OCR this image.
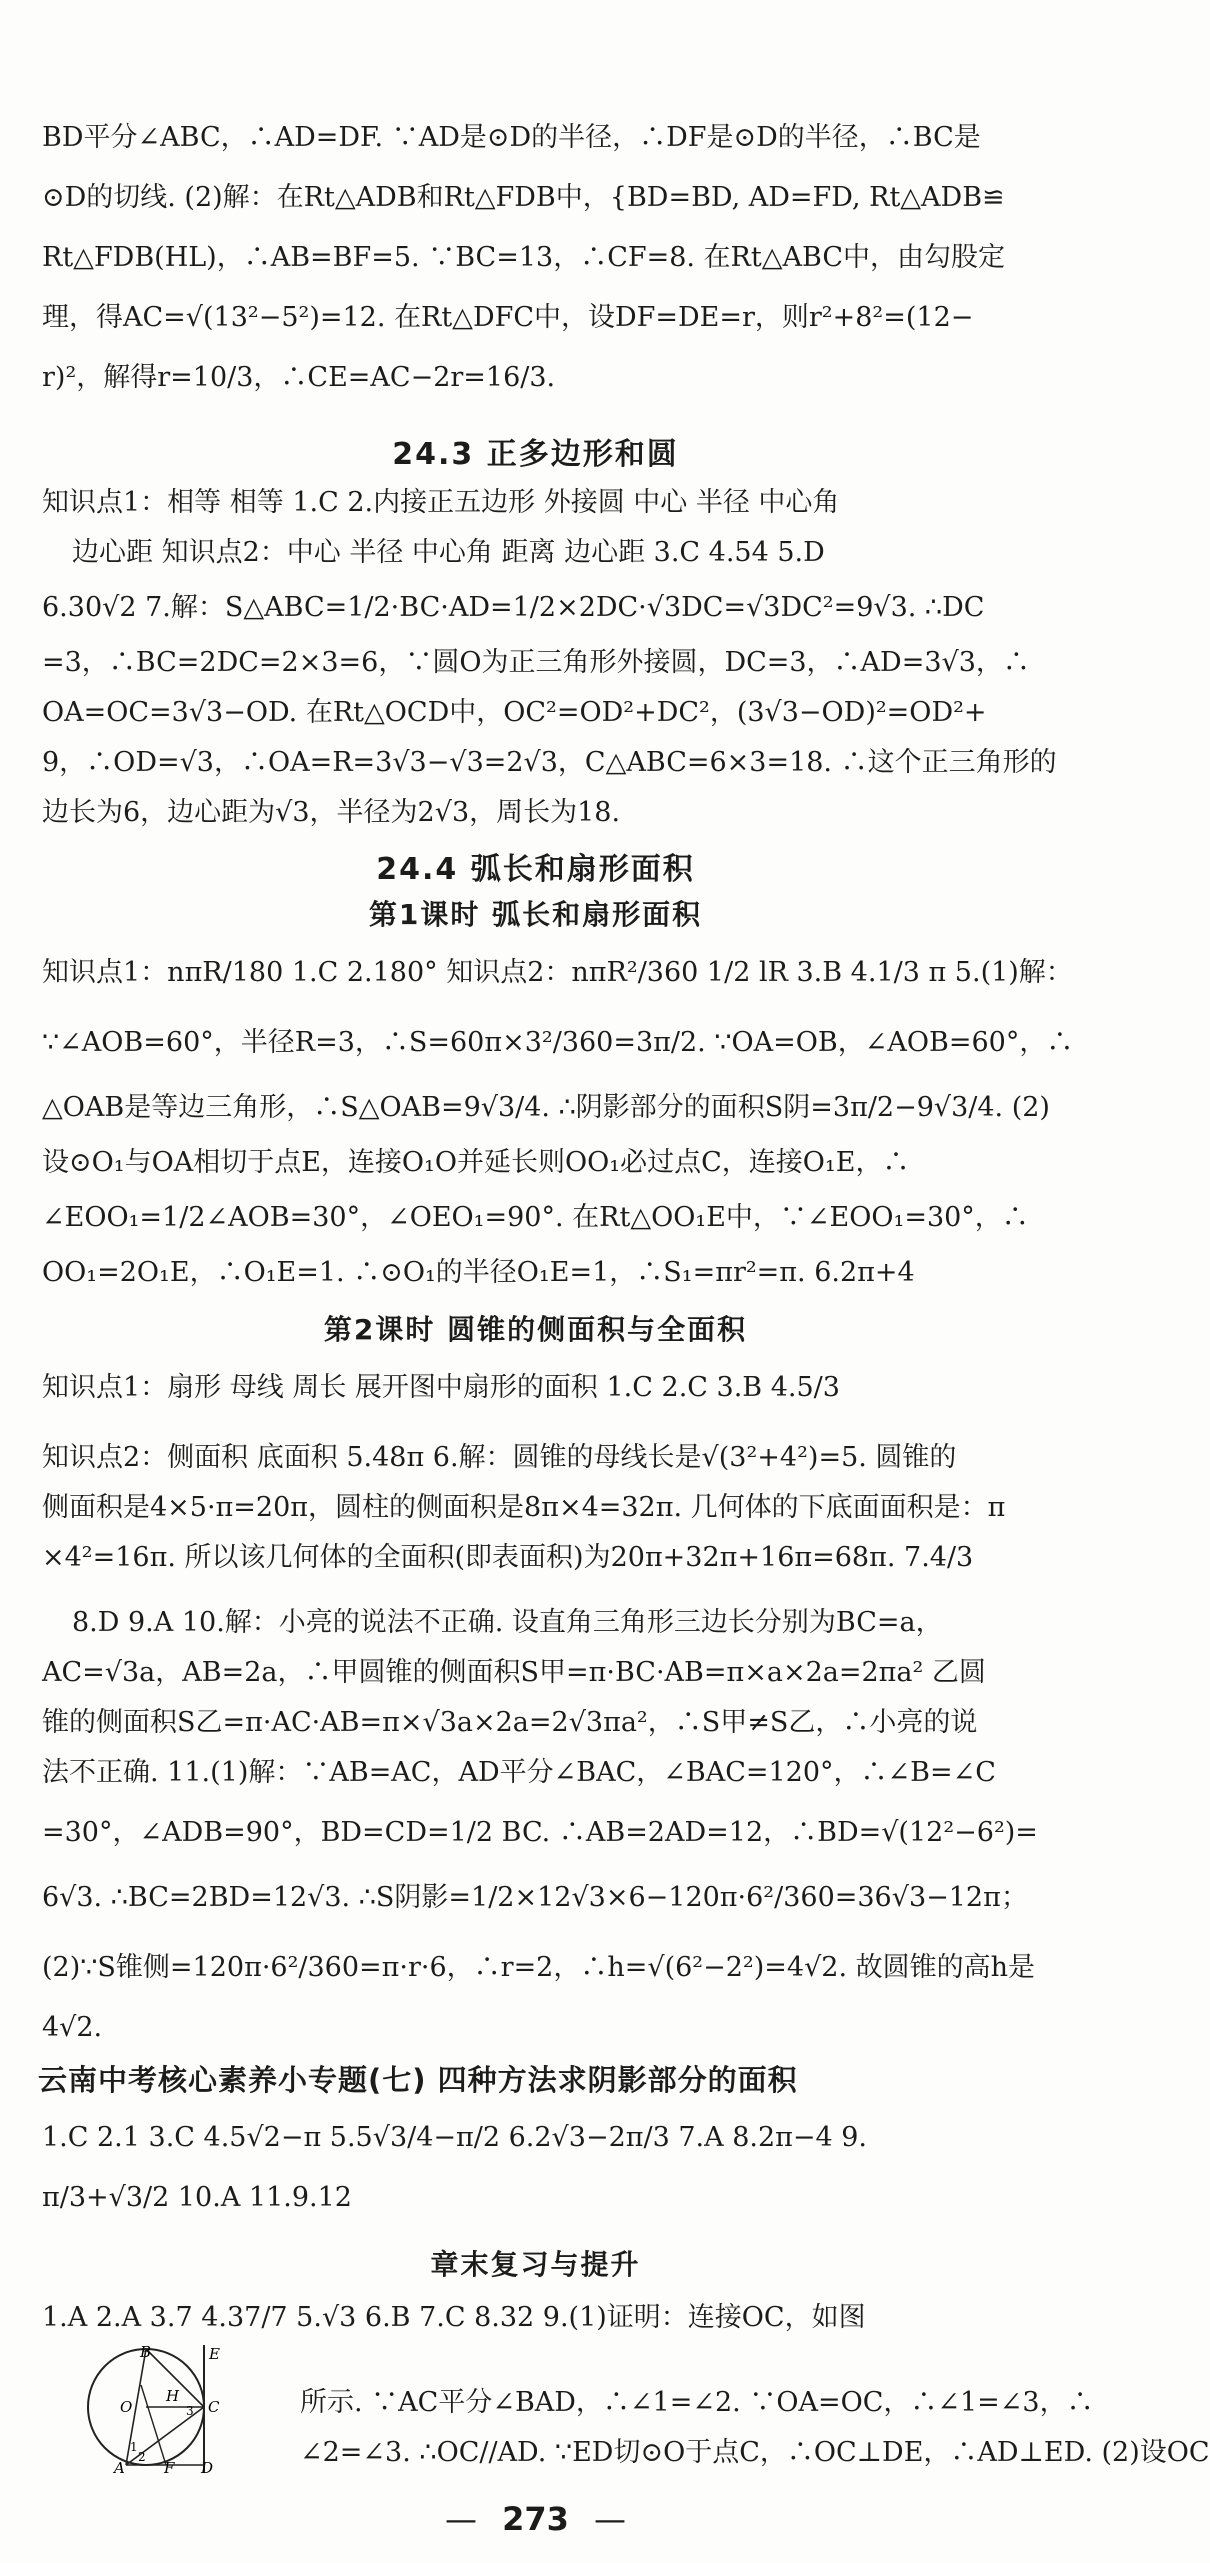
BD平分∠ABC，∴AD=DF. ∵AD是⊙D的半径，∴DF是⊙D的半径，∴BC是
⊙D的切线. (2)解：在Rt△ADB和Rt△FDB中，{BD=BD, AD=FD, Rt△ADB≌
Rt△FDB(HL)，∴AB=BF=5. ∵BC=13，∴CF=8. 在Rt△ABC中，由勾股定
理，得AC=√(13²−5²)=12. 在Rt△DFC中，设DF=DE=r，则r²+8²=(12−
r)²，解得r=10/3，∴CE=AC−2r=16/3.
24.3 正多边形和圆
知识点1：相等 相等 1.C 2.内接正五边形 外接圆 中心 半径 中心角
边心距 知识点2：中心 半径 中心角 距离 边心距 3.C 4.54 5.D
6.30√2 7.解：S△ABC=1/2·BC·AD=1/2×2DC·√3DC=√3DC²=9√3. ∴DC
=3，∴BC=2DC=2×3=6，∵圆O为正三角形外接圆，DC=3，∴AD=3√3，∴
OA=OC=3√3−OD. 在Rt△OCD中，OC²=OD²+DC²，(3√3−OD)²=OD²+
9，∴OD=√3，∴OA=R=3√3−√3=2√3，C△ABC=6×3=18. ∴这个正三角形的
边长为6，边心距为√3，半径为2√3，周长为18.
24.4 弧长和扇形面积
第1课时 弧长和扇形面积
知识点1：nπR/180 1.C 2.180° 知识点2：nπR²/360 1/2 lR 3.B 4.1/3 π 5.(1)解：
∵∠AOB=60°，半径R=3，∴S=60π×3²/360=3π/2. ∵OA=OB，∠AOB=60°，∴
△OAB是等边三角形，∴S△OAB=9√3/4. ∴阴影部分的面积S阴=3π/2−9√3/4. (2)
设⊙O₁与OA相切于点E，连接O₁O并延长则OO₁必过点C，连接O₁E，∴
∠EOO₁=1/2∠AOB=30°，∠OEO₁=90°. 在Rt△OO₁E中，∵∠EOO₁=30°，∴
OO₁=2O₁E，∴O₁E=1. ∴⊙O₁的半径O₁E=1，∴S₁=πr²=π. 6.2π+4
第2课时 圆锥的侧面积与全面积
知识点1：扇形 母线 周长 展开图中扇形的面积 1.C 2.C 3.B 4.5/3
知识点2：侧面积 底面积 5.48π 6.解：圆锥的母线长是√(3²+4²)=5. 圆锥的
侧面积是4×5·π=20π，圆柱的侧面积是8π×4=32π. 几何体的下底面面积是：π
×4²=16π. 所以该几何体的全面积(即表面积)为20π+32π+16π=68π. 7.4/3
8.D 9.A 10.解：小亮的说法不正确. 设直角三角形三边长分别为BC=a，
AC=√3a，AB=2a，∴甲圆锥的侧面积S甲=π·BC·AB=π×a×2a=2πa² 乙圆
锥的侧面积S乙=π·AC·AB=π×√3a×2a=2√3πa²，∴S甲≠S乙，∴小亮的说
法不正确. 11.(1)解：∵AB=AC，AD平分∠BAC，∠BAC=120°，∴∠B=∠C
=30°，∠ADB=90°，BD=CD=1/2 BC. ∴AB=2AD=12，∴BD=√(12²−6²)=
6√3. ∴BC=2BD=12√3. ∴S阴影=1/2×12√3×6−120π·6²/360=36√3−12π；
(2)∵S锥侧=120π·6²/360=π·r·6，∴r=2，∴h=√(6²−2²)=4√2. 故圆锥的高h是
4√2.
云南中考核心素养小专题(七) 四种方法求阴影部分的面积
1.C 2.1 3.C 4.5√2−π 5.5√3/4−π/2 6.2√3−2π/3 7.A 8.2π−4 9.
π/3+√3/2 10.A 11.9.12
章末复习与提升
1.A 2.A 3.7 4.37/7 5.√3 6.B 7.C 8.32 9.(1)证明：连接OC，如图
B	E
O
H
C
A	D
F
1
2
3	所示. ∵AC平分∠BAD，∴∠1=∠2. ∵OA=OC，∴∠1=∠3，∴
∠2=∠3. ∴OC//AD. ∵ED切⊙O于点C，∴OC⊥DE，∴AD⊥ED. (2)设OC
— 273 —
